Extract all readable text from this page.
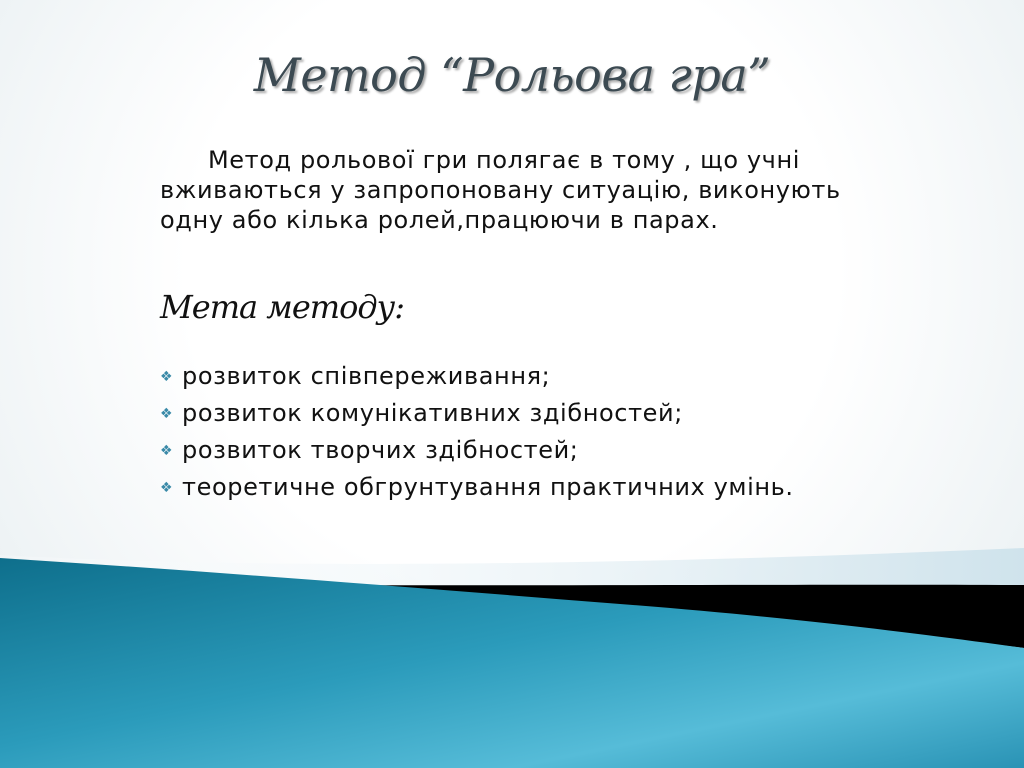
Метод “Рольова гра”

Метод рольової гри полягає в тому , що учні вживаються у запропоновану ситуацію, виконують одну або кілька ролей,працюючи в парах.

Мета методу:
❖ розвиток співпереживання;
❖ розвиток комунікативних здібностей;
❖ розвиток творчих здібностей;
❖ теоретичне обгрунтування практичних умінь.
